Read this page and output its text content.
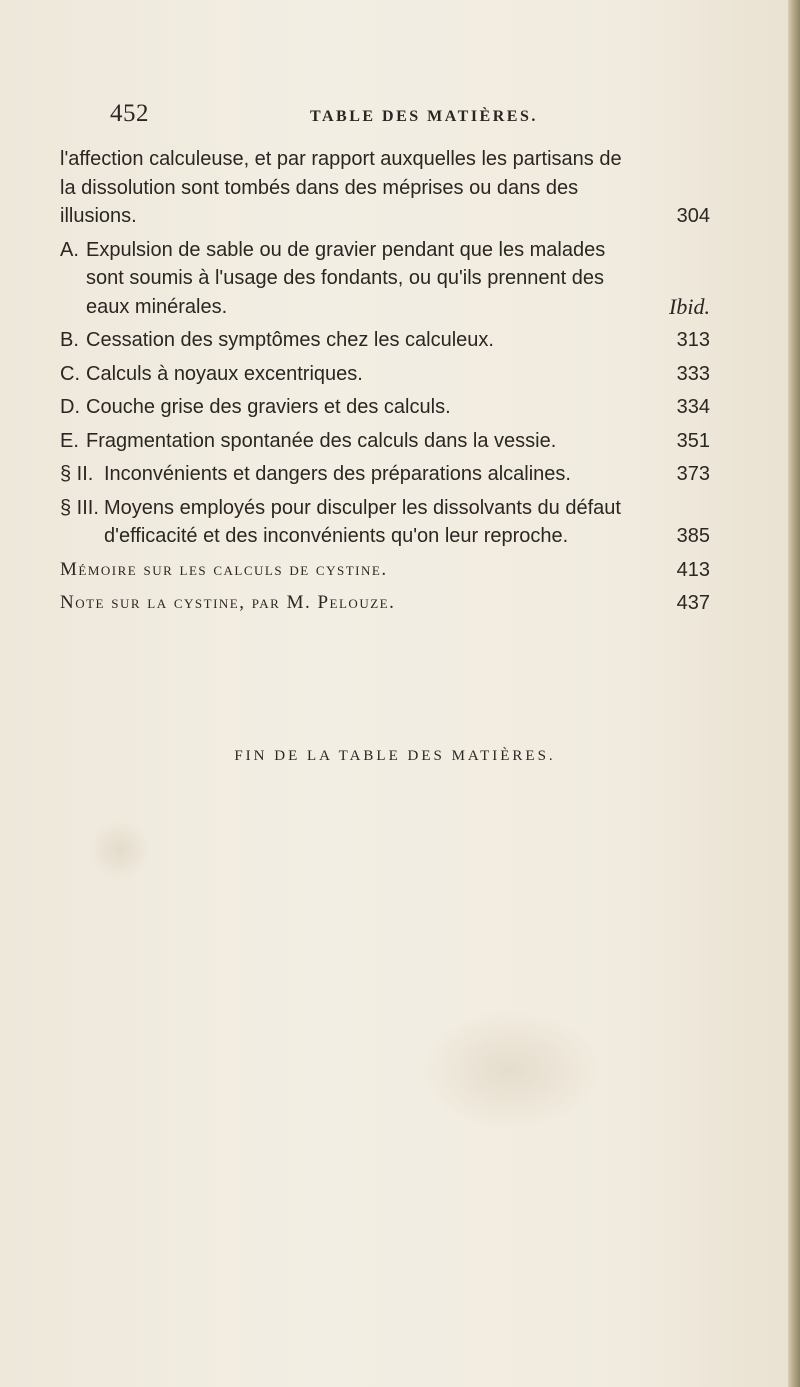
452	TABLE DES MATIÈRES.
l'affection calculeuse, et par rapport auxquelles les partisans de la dissolution sont tombés dans des méprises ou dans des illusions.	304
A. Expulsion de sable ou de gravier pendant que les malades sont soumis à l'usage des fondants, ou qu'ils prennent des eaux minérales.	Ibid.
B. Cessation des symptômes chez les calculeux.	313
C. Calculs à noyaux excentriques.	333
D. Couche grise des graviers et des calculs.	334
E. Fragmentation spontanée des calculs dans la vessie.	351
§ II. Inconvénients et dangers des préparations alcalines.	373
§ III. Moyens employés pour disculper les dissolvants du défaut d'efficacité et des inconvénients qu'on leur reproche.	385
Mémoire sur les calculs de cystine.	413
Note sur la cystine, par M. Pelouze.	437
FIN DE LA TABLE DES MATIÈRES.
